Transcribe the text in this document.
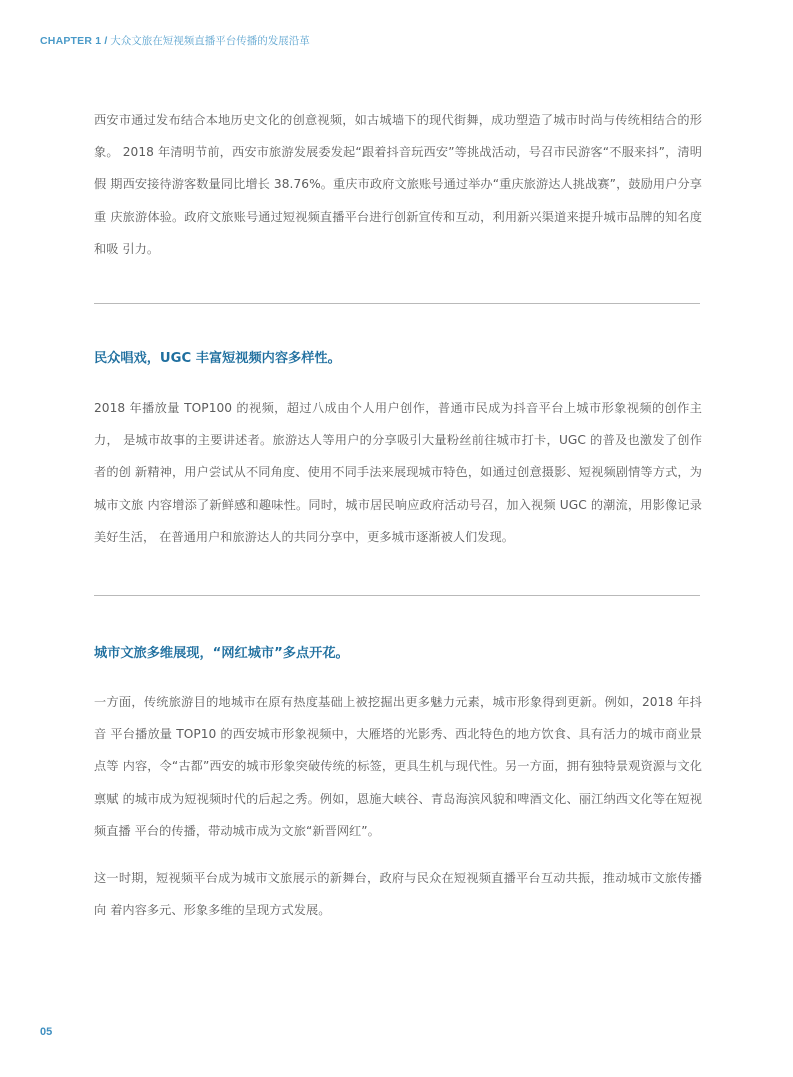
CHAPTER 1 / 大众文旅在短视频直播平台传播的发展沿革

西安市通过发布结合本地历史文化的创意视频，如古城墙下的现代街舞，成功塑造了城市时尚与传统相结合的形象。 2018 年清明节前，西安市旅游发展委发起“跟着抖音玩西安”等挑战活动，号召市民游客“不服来抖”，清明假 期西安接待游客数量同比增长 38.76%。重庆市政府文旅账号通过举办“重庆旅游达人挑战赛”，鼓励用户分享重 庆旅游体验。政府文旅账号通过短视频直播平台进行创新宣传和互动，利用新兴渠道来提升城市品牌的知名度和吸 引力。

民众唱戏，UGC 丰富短视频内容多样性。

2018 年播放量 TOP100 的视频，超过八成由个人用户创作，普通市民成为抖音平台上城市形象视频的创作主力， 是城市故事的主要讲述者。旅游达人等用户的分享吸引大量粉丝前往城市打卡，UGC 的普及也激发了创作者的创 新精神，用户尝试从不同角度、使用不同手法来展现城市特色，如通过创意摄影、短视频剧情等方式，为城市文旅 内容增添了新鲜感和趣味性。同时，城市居民响应政府活动号召，加入视频 UGC 的潮流，用影像记录美好生活， 在普通用户和旅游达人的共同分享中，更多城市逐渐被人们发现。

城市文旅多维展现，“网红城市”多点开花。

一方面，传统旅游目的地城市在原有热度基础上被挖掘出更多魅力元素，城市形象得到更新。例如，2018 年抖音 平台播放量 TOP10 的西安城市形象视频中，大雁塔的光影秀、西北特色的地方饮食、具有活力的城市商业景点等 内容，令“古都”西安的城市形象突破传统的标签，更具生机与现代性。另一方面，拥有独特景观资源与文化禀赋 的城市成为短视频时代的后起之秀。例如，恩施大峡谷、青岛海滨风貌和啤酒文化、丽江纳西文化等在短视频直播 平台的传播，带动城市成为文旅“新晋网红”。

这一时期，短视频平台成为城市文旅展示的新舞台，政府与民众在短视频直播平台互动共振，推动城市文旅传播向 着内容多元、形象多维的呈现方式发展。

05
